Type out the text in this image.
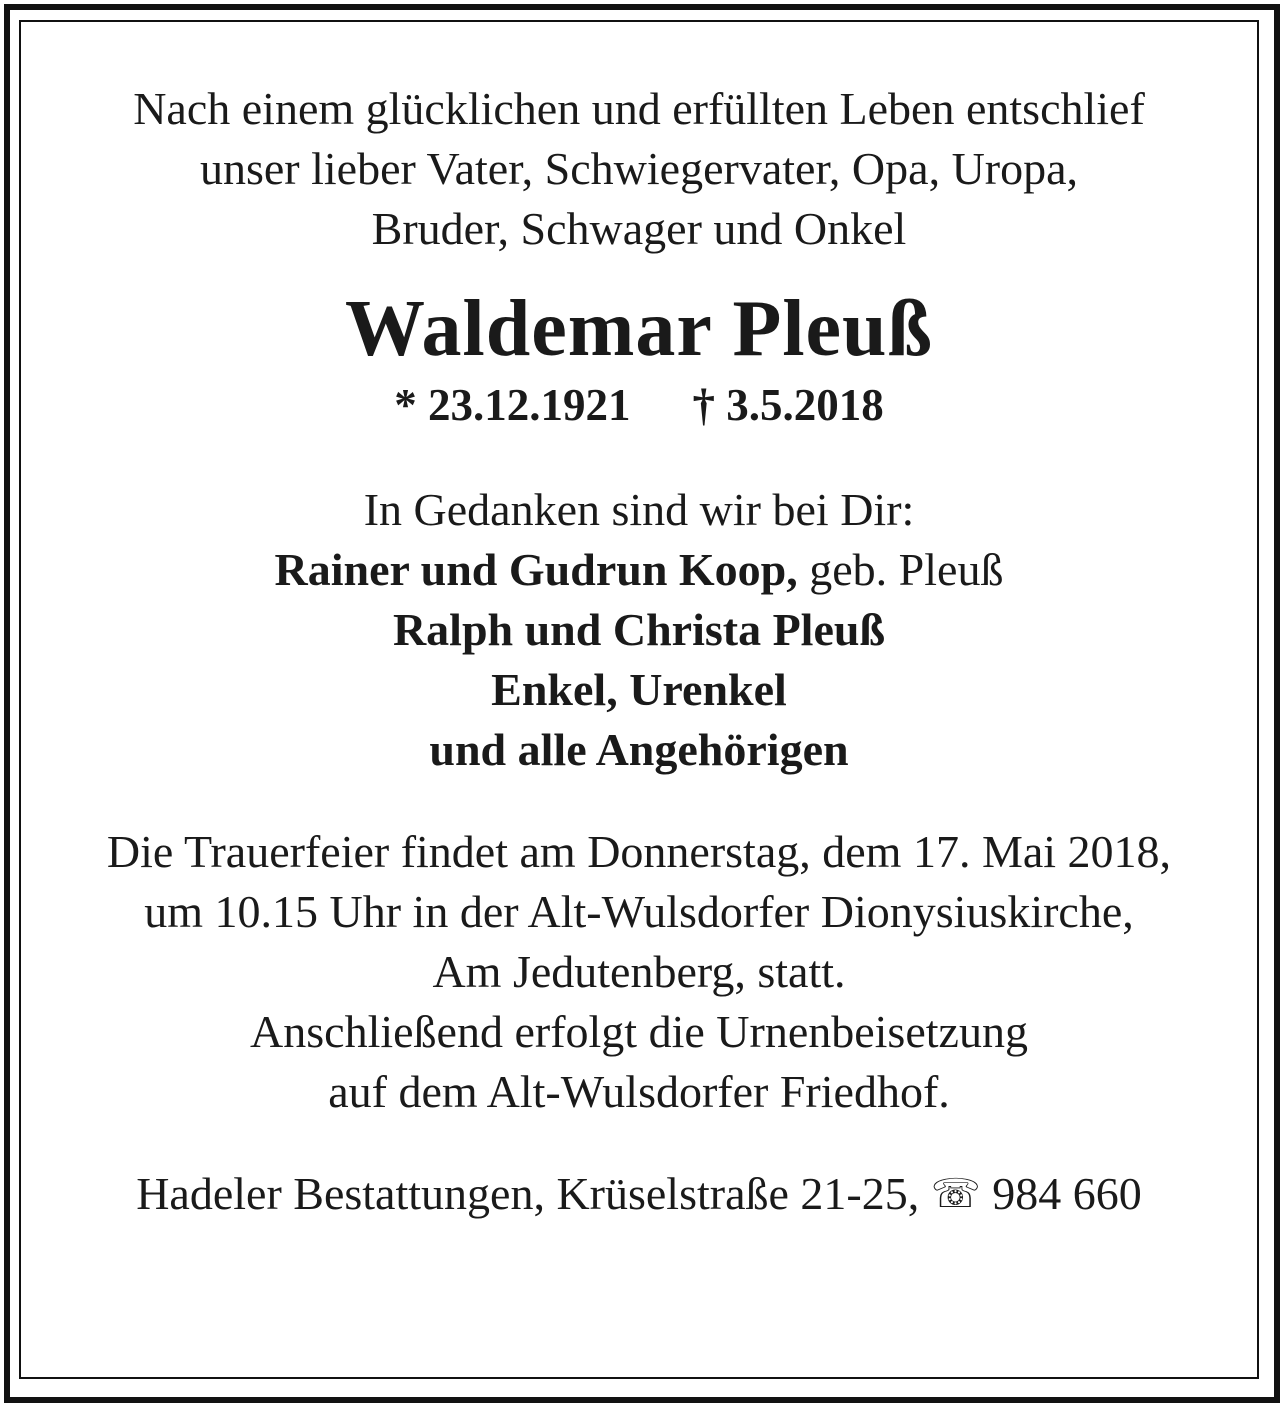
Nach einem glücklichen und erfüllten Leben entschlief
unser lieber Vater, Schwiegervater, Opa, Uropa,
Bruder, Schwager und Onkel
Waldemar Pleuß
* 23.12.1921 † 3.5.2018
In Gedanken sind wir bei Dir:
Rainer und Gudrun Koop, geb. Pleuß
Ralph und Christa Pleuß
Enkel, Urenkel
und alle Angehörigen
Die Trauerfeier findet am Donnerstag, dem 17. Mai 2018,
um 10.15 Uhr in der Alt-Wulsdorfer Dionysiuskirche,
Am Jedutenberg, statt.
Anschließend erfolgt die Urnenbeisetzung
auf dem Alt-Wulsdorfer Friedhof.
Hadeler Bestattungen, Krüselstraße 21-25, ☏ 984 660
